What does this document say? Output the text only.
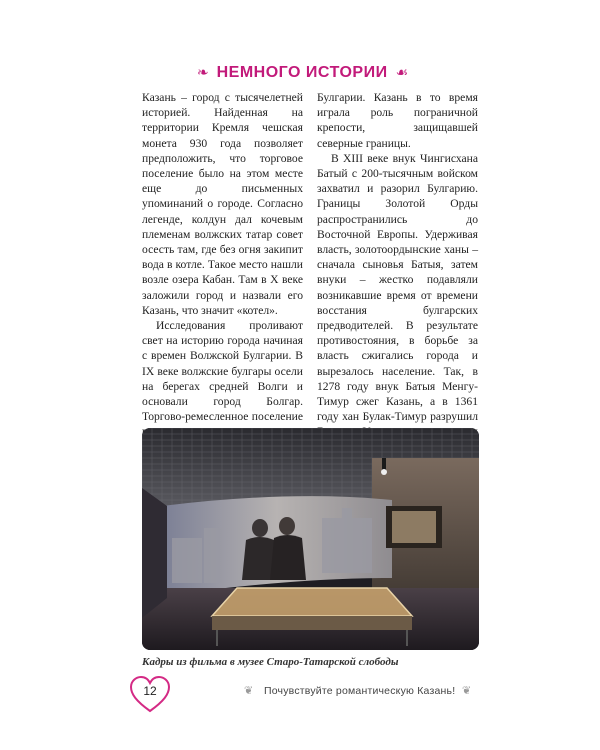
❧ НЕМНОГО ИСТОРИИ ☙

Казань – город с тысячелетней историей. Найденная на территории Кремля чешская монета 930 года позволяет предположить, что торговое поселение было на этом месте еще до письменных упоминаний о городе. Согласно легенде, колдун дал кочевым племенам волжских татар совет осесть там, где без огня закипит вода в котле. Такое место нашли возле озера Кабан. Там в X веке заложили город и назвали его Казань, что значит «котел».

Исследования проливают свет на историю города начиная с времен Волжской Булгарии. В IX веке волжские булгары осели на берегах средней Волги и основали город Болгар. Торгово-ремесленное поселение

Булгарии. Казань в то время играла роль пограничной крепости, защищавшей северные границы.

В XIII веке внук Чингисхана Батый с 200-тысячным войском захватил и разорил Булгарию. Границы Золотой Орды распространились до Восточной Европы. Удерживая власть, золотоордынские ханы – сначала сыновья Батыя, затем внуки – жестко подавляли возникавшие время от времени восстания булгарских предводителей. В результате противостояния, в борьбе за власть сжигались города и вырезалось население. Так, в 1278 году внук Батыя Менгу-Тимур сжег Казань, а в 1361 году хан Булак-Тимур разрушил

Кадры из фильма в музее Старо-Татарской слободы
12	❦ Почувствуйте романтическую Казань! ❦
